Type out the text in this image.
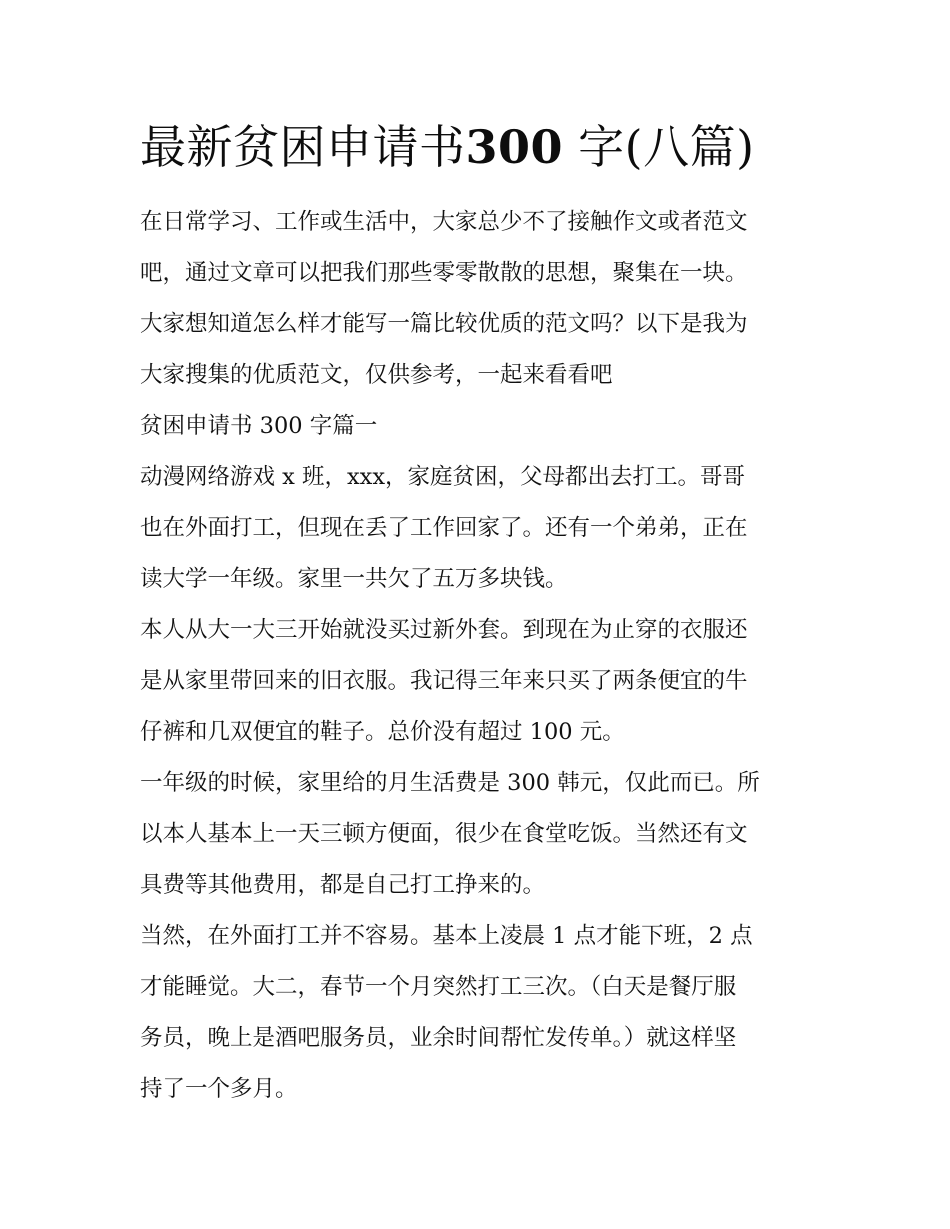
最新贫困申请书300 字(八篇)

在日常学习、工作或生活中，大家总少不了接触作文或者范文

吧，通过文章可以把我们那些零零散散的思想，聚集在一块。

大家想知道怎么样才能写一篇比较优质的范文吗？以下是我为

大家搜集的优质范文，仅供参考，一起来看看吧

贫困申请书 300 字篇一

动漫网络游戏 x 班，xxx，家庭贫困，父母都出去打工。哥哥

也在外面打工，但现在丢了工作回家了。还有一个弟弟，正在

读大学一年级。家里一共欠了五万多块钱。

本人从大一大三开始就没买过新外套。到现在为止穿的衣服还

是从家里带回来的旧衣服。我记得三年来只买了两条便宜的牛

仔裤和几双便宜的鞋子。总价没有超过 100 元。

一年级的时候，家里给的月生活费是 300 韩元，仅此而已。所

以本人基本上一天三顿方便面，很少在食堂吃饭。当然还有文

具费等其他费用，都是自己打工挣来的。

当然，在外面打工并不容易。基本上凌晨 1 点才能下班，2 点

才能睡觉。大二，春节一个月突然打工三次。（白天是餐厅服

务员，晚上是酒吧服务员，业余时间帮忙发传单。）就这样坚

持了一个多月。
